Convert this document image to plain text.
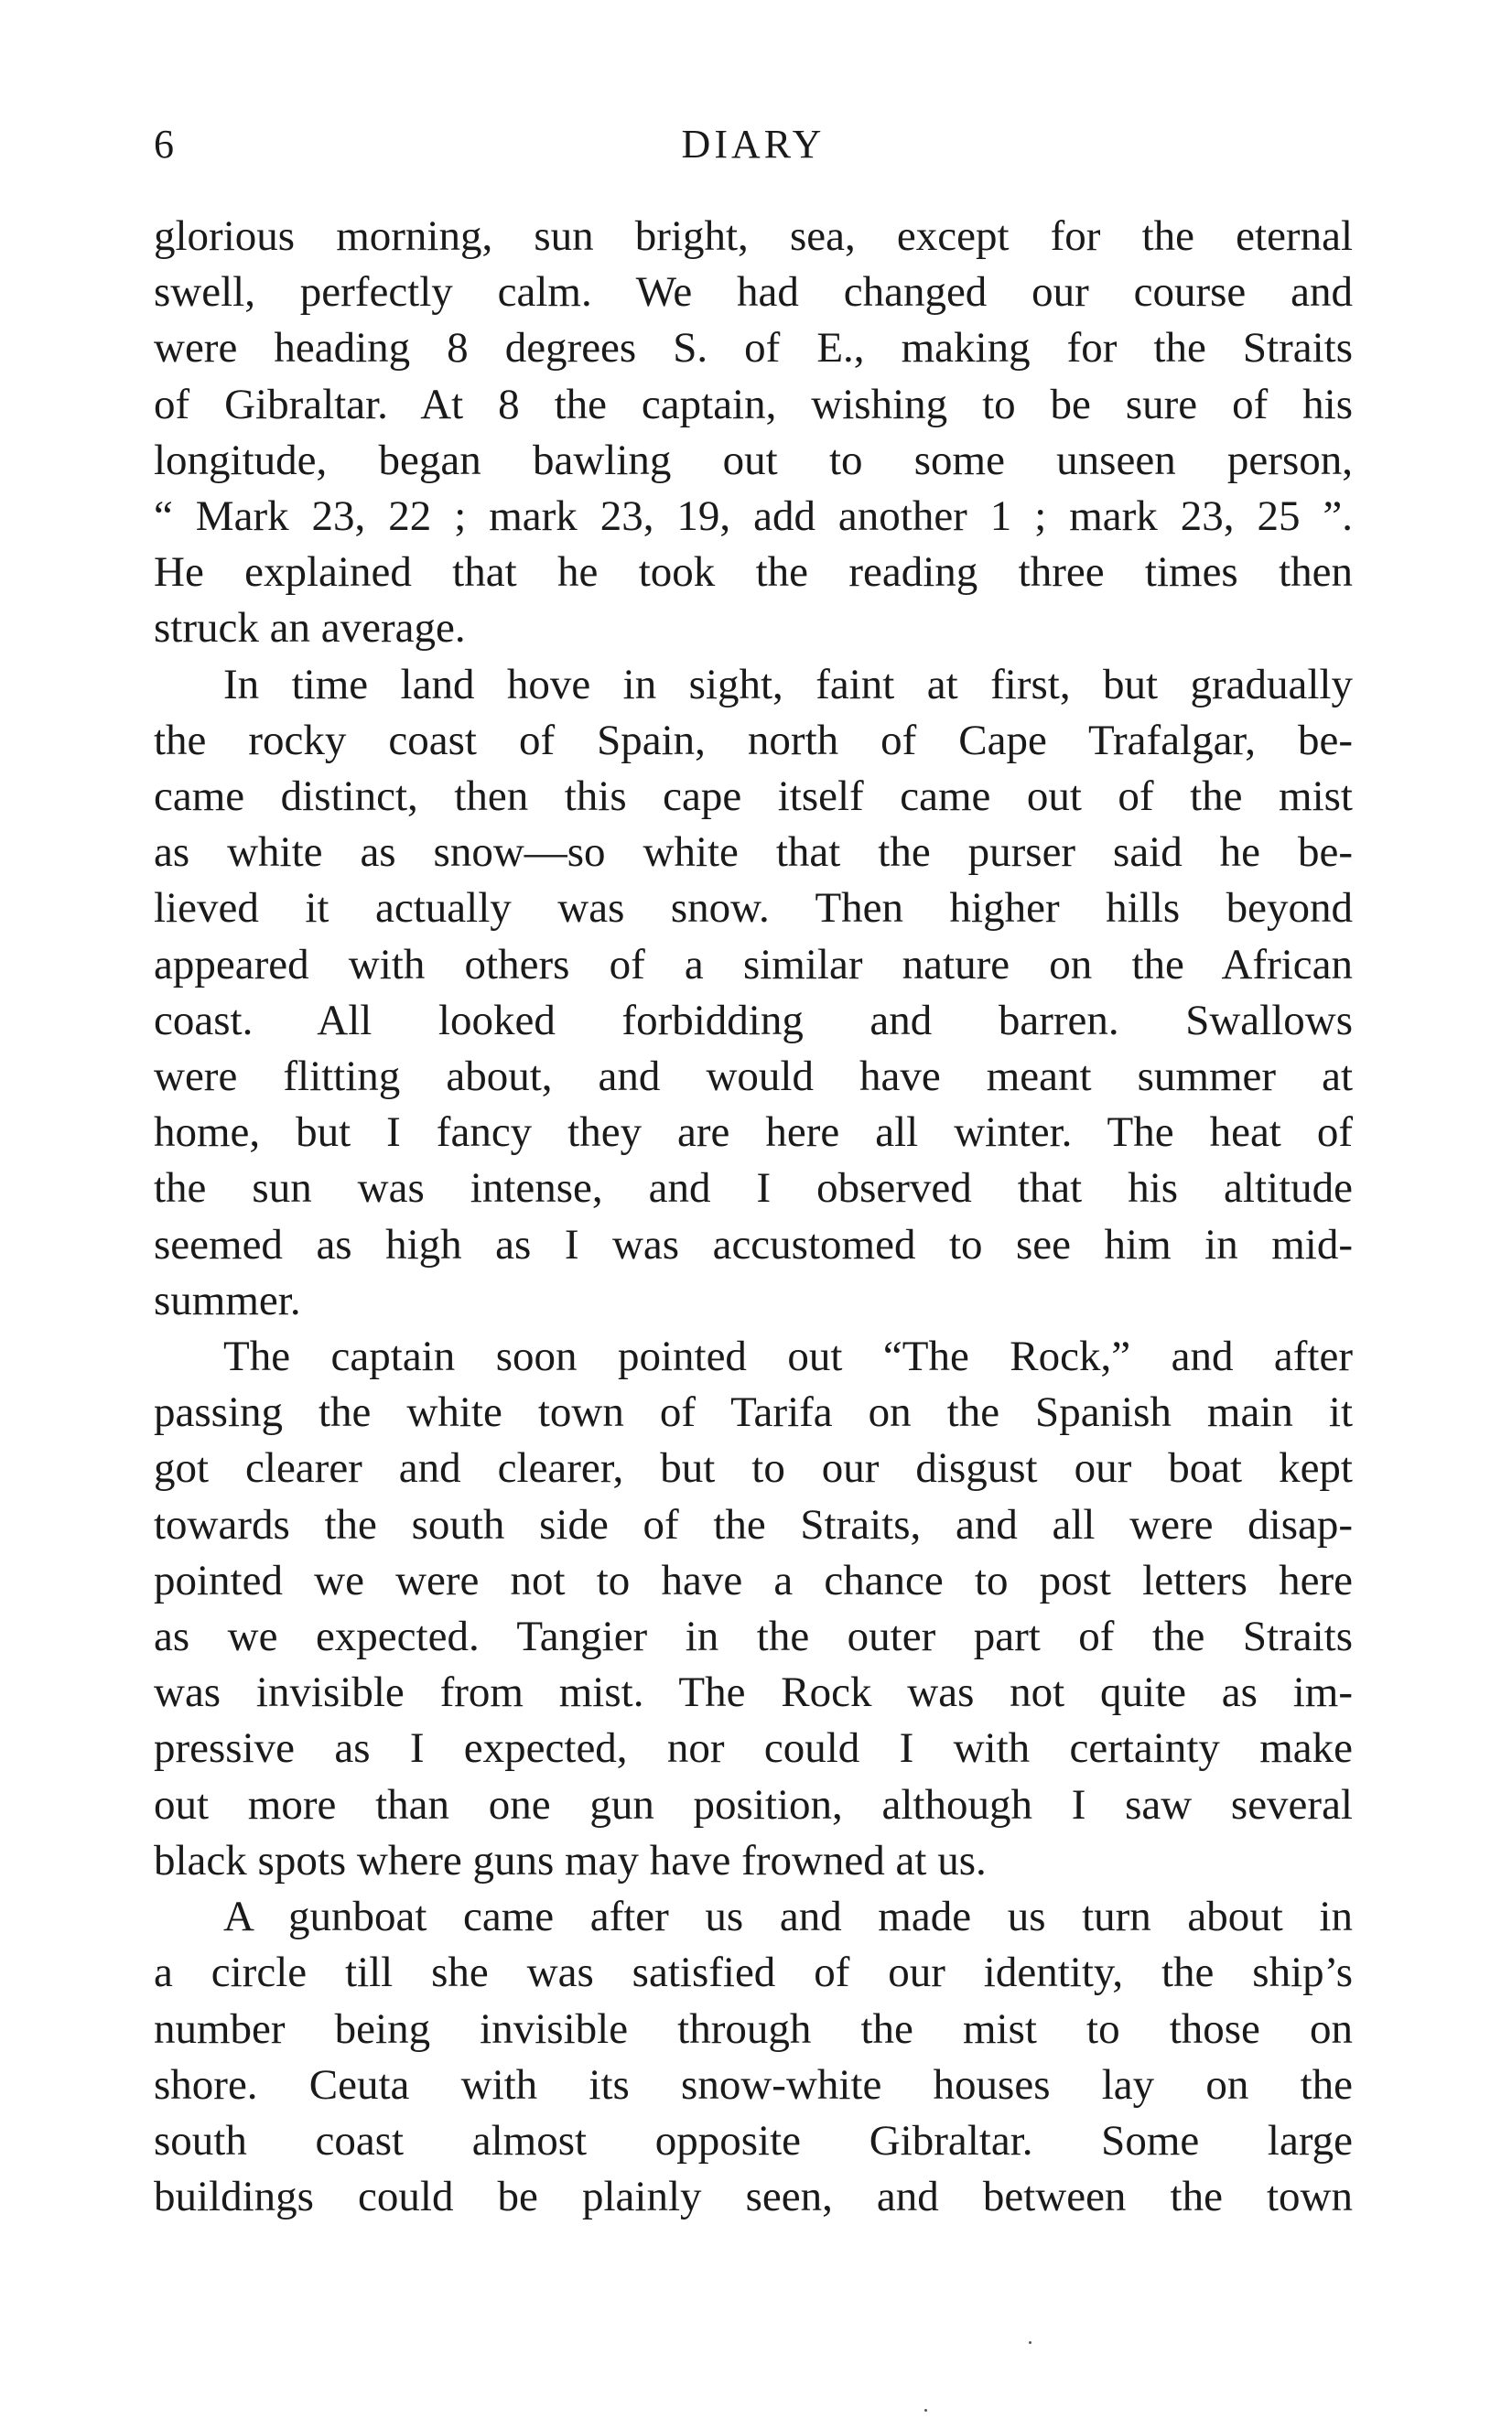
6	DIARY
glorious morning, sun bright, sea, except for the eternal
swell, perfectly calm. We had changed our course and
were heading 8 degrees S. of E., making for the Straits
of Gibraltar. At 8 the captain, wishing to be sure of his
longitude, began bawling out to some unseen person,
“ Mark 23, 22 ; mark 23, 19, add another 1 ; mark 23, 25 ”.
He explained that he took the reading three times then
struck an average.
In time land hove in sight, faint at first, but gradually
the rocky coast of Spain, north of Cape Trafalgar, be-
came distinct, then this cape itself came out of the mist
as white as snow—so white that the purser said he be-
lieved it actually was snow. Then higher hills beyond
appeared with others of a similar nature on the African
coast. All looked forbidding and barren. Swallows
were flitting about, and would have meant summer at
home, but I fancy they are here all winter. The heat of
the sun was intense, and I observed that his altitude
seemed as high as I was accustomed to see him in mid-
summer.
The captain soon pointed out “The Rock,” and after
passing the white town of Tarifa on the Spanish main it
got clearer and clearer, but to our disgust our boat kept
towards the south side of the Straits, and all were disap-
pointed we were not to have a chance to post letters here
as we expected. Tangier in the outer part of the Straits
was invisible from mist. The Rock was not quite as im-
pressive as I expected, nor could I with certainty make
out more than one gun position, although I saw several
black spots where guns may have frowned at us.
A gunboat came after us and made us turn about in
a circle till she was satisfied of our identity, the ship’s
number being invisible through the mist to those on
shore. Ceuta with its snow-white houses lay on the
south coast almost opposite Gibraltar. Some large
buildings could be plainly seen, and between the town
